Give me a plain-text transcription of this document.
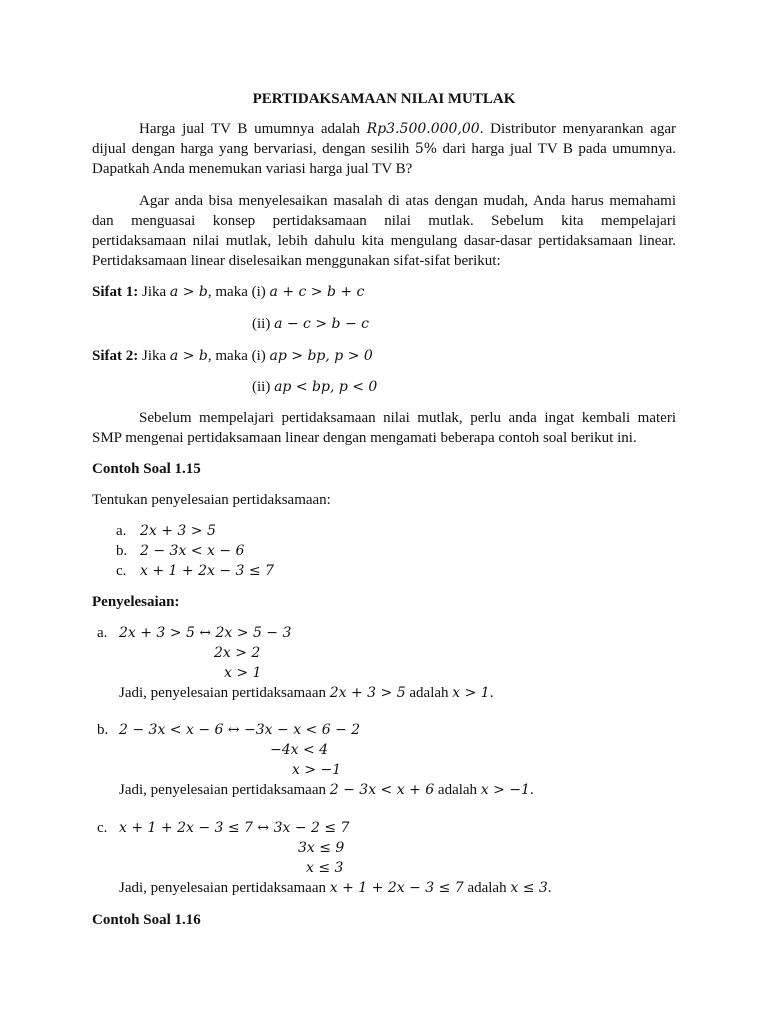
PERTIDAKSAMAAN NILAI MUTLAK
Harga jual TV B umumnya adalah Rp3.500.000,00. Distributor menyarankan agar
dijual dengan harga yang bervariasi, dengan sesilih 5% dari harga jual TV B pada umumnya.
Dapatkah Anda menemukan variasi harga jual TV B?
Agar anda bisa menyelesaikan masalah di atas dengan mudah, Anda harus memahami
dan menguasai konsep pertidaksamaan nilai mutlak. Sebelum kita mempelajari
pertidaksamaan nilai mutlak, lebih dahulu kita mengulang dasar-dasar pertidaksamaan linear.
Pertidaksamaan linear diselesaikan menggunakan sifat-sifat berikut:
Sifat 1: Jika a > b, maka (i) a + c > b + c
(ii) a − c > b − c
Sifat 2: Jika a > b, maka (i) ap > bp, p > 0
(ii) ap < bp, p < 0
Sebelum mempelajari pertidaksamaan nilai mutlak, perlu anda ingat kembali materi
SMP mengenai pertidaksamaan linear dengan mengamati beberapa contoh soal berikut ini.
Contoh Soal 1.15
Tentukan penyelesaian pertidaksamaan:
a. 2x + 3 > 5
b. 2 − 3x < x − 6
c. x + 1 + 2x − 3 ≤ 7
Penyelesaian:
a. 2x + 3 > 5 ↔ 2x > 5 − 3
2x > 2
x > 1
Jadi, penyelesaian pertidaksamaan 2x + 3 > 5 adalah x > 1.
b. 2 − 3x < x − 6 ↔ −3x − x < 6 − 2
−4x < 4
x > −1
Jadi, penyelesaian pertidaksamaan 2 − 3x < x + 6 adalah x > −1.
c. x + 1 + 2x − 3 ≤ 7 ↔ 3x − 2 ≤ 7
3x ≤ 9
x ≤ 3
Jadi, penyelesaian pertidaksamaan x + 1 + 2x − 3 ≤ 7 adalah x ≤ 3.
Contoh Soal 1.16
